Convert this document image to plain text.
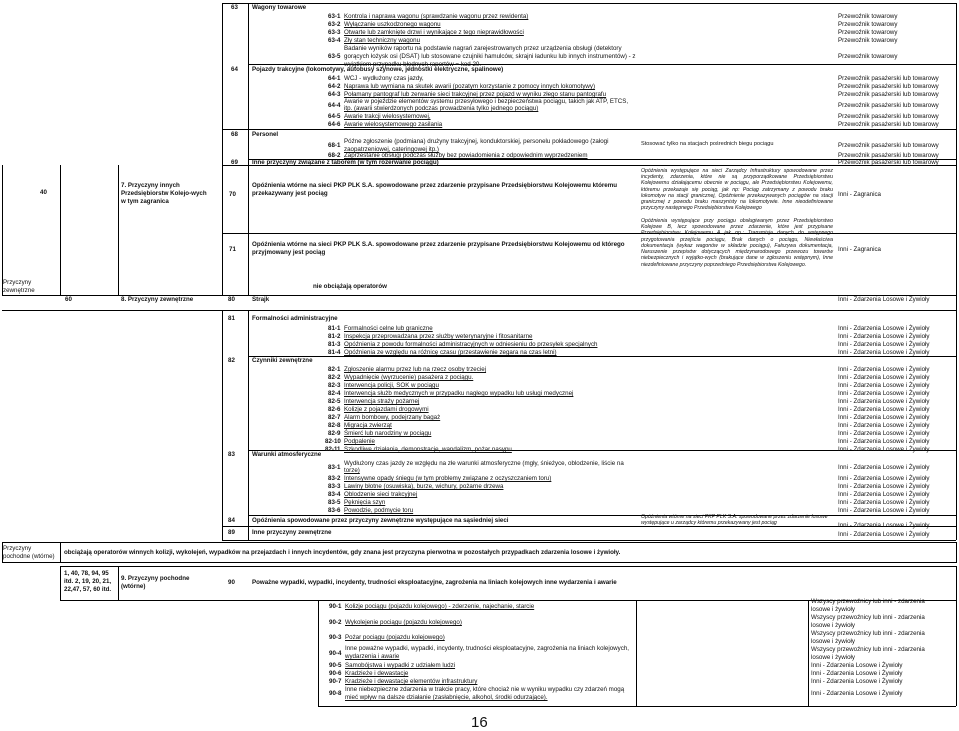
63 Wagony towarowe
63-1 Kontrola i naprawa wagonu (sprawdzanie wagonu przez rewidenta)	Przewoźnik towarowy
63-2 Wyłączanie uszkodzonego wagonu	Przewoźnik towarowy
63-3 Otwarte lub zamknięte drzwi i wynikające z tego nieprawidłowości	Przewoźnik towarowy
63-4 Zły stan techniczny wagonu	Przewoźnik towarowy
Badanie wyników raportu na podstawie nagrań zarejestrowanych przez urządzenia obsługi (detektory
63-5 gorących łożysk osi (DSAT) lub stosowane czujniki hamulców, skrajni ładunku lub innych instrumentów) - z
wyjątkiem przypadku błędnych raportów = kod 20.
Przewoźnik towarowy
64 Pojazdy trakcyjne (lokomotywy, autobusy szynowe, jednostki elektryczne, spalinowe)
64-1 WCJ - wydłużony czas jazdy,	Przewoźnik pasażerski lub towarowy
64-2 Naprawa lub wymiana na skutek awarii (pozatym korzystanie z pomocy innych lokomotywy)	Przewoźnik pasażerski lub towarowy
64-3 Połamany pantograf lub zerwanie sieci trakcyjnej przez pojazd w wyniku złego stanu pantografu	Przewoźnik pasażerski lub towarowy
Awarie w pojeździe elementów systemu przesyłowego i bezpieczeństwa pociągu, takich jak ATP, ETCS,
64-4 itp. (awarii stwierdzonych podczas prowadzenia tylko jednego pociągu)	Przewoźnik pasażerski lub towarowy
64-5 Awarie trakcji wielosystemowej,	Przewoźnik pasażerski lub towarowy
64-6 Awarie wielosystemowego zasilania	Przewoźnik pasażerski lub towarowy
68 Personel
Późne zgłoszenie (podmiana) drużyny trakcyjnej, konduktorskiej, personelu pokładowego (załogi
68-1
zaopatrzeniowej, cateringowej itp.)
Stosować tylko na stacjach pośrednich biegu pociągu	Przewoźnik pasażerski lub towarowy
68-2 Zaprzestanie obsługi podczas służby bez powiadomienia z odpowiednim wyprzedzeniem	Przewoźnik pasażerski lub towarowy
69 Inne przyczyny związane z taborem (w tym rozerwanie pociągu)	Przewoźnik pasażerski lub towarowy
40
7. Przyczyny innych
Przedsiębiorstw Kolejo-wych
w tym zagranica
70
Opóźnienia wtórne na sieci PKP PLK S.A. spowodowane przez zdarzenie przypisane Przedsiębiorstwu Kolejowemu któremu
przekazywany jest pociąg
Opóźnienia występujące na sieci Zarządcy Infrastruktury spowodowane przez incydenty, zdarzenia, które nie są przyporządkowane Przedsiębiorstwu Kolejowemu działającemu obecnie w pociągu, ale Przedsiębiorstwu Kolejowemu, któremu przekazuje się pociąg, jak np: Pociąg zatrzymany z powodu braku lokomotyw na stacji granicznej, Opóźnienie przekazywanych pociągów na stacji granicznej z powodu braku maszynisty na lokomotywie. Inne nieodefiniowane przyczyny następnego Przedsiębiorstwa Kolejowego
Inni - Zagranica
71
Opóźnienia wtórne na sieci PKP PLK S.A. spowodowane przez zdarzenie przypisane Przedsiębiorstwu Kolejowemu od którego
przyjmowany jest pociąg
Opóźnienia występujące przy pociągu obsługiwanym przez Przedsiębiorstwo Kolejowe B, lecz spowodowane przez zdarzenie, które jest przypisane Przedsiębiorstwu Kolejowemu A jak np.: Transmisja danych do wstępnego przygotowania przejścia pociągu, Brak danych o pociągu, Niewłaściwa dokumentacja (wykaz wagonów w składzie pociągu), Fałszywa dokumentacja, Naruszenie przepisów dotyczących międzynarodowego przewozu towarów niebezpiecznych i wyjątko-wych (brakujące dane w zgłoszeniu wstępnym), Inne niezdefiniowane przyczyny poprzedniego Przedsiębiorstwa Kolejowego.
Inni - Zagranica
Przyczyny
zewnętrzne
nie obciążają operatorów
60	8. Przyczyny zewnętrzne	80	Strajk	Inni - Zdarzenia Losowe i Żywioły
81	Formalności administracyjne
81-1 Formalności celne lub graniczne	Inni - Zdarzenia Losowe i Żywioły
81-2 Inspekcja przeprowadzana przez służby weterynaryjne i fitosanitarne	Inni - Zdarzenia Losowe i Żywioły
81-3 Opóźnienia z powodu formalności administracyjnych w odniesieniu do przesyłek specjalnych	Inni - Zdarzenia Losowe i Żywioły
81-4 Opóźnienia ze względu na różnicę czasu (przestawienie zegara na czas letni)	Inni - Zdarzenia Losowe i Żywioły
82	Czynniki zewnętrzne
82-1 Zgłoszenie alarmu przez lub na rzecz osoby trzeciej	Inni - Zdarzenia Losowe i Żywioły
82-2 Wypadnięcie (wyrzucenie) pasażera z pociągu.	Inni - Zdarzenia Losowe i Żywioły
82-3 Interwencja policji, SOK w pociągu	Inni - Zdarzenia Losowe i Żywioły
82-4 Interwencja służb medycznych w przypadku nagłego wypadku lub usługi medycznej	Inni - Zdarzenia Losowe i Żywioły
82-5 Interwencja straży pożarnej	Inni - Zdarzenia Losowe i Żywioły
82-6 Kolizje z pojazdami drogowymi	Inni - Zdarzenia Losowe i Żywioły
82-7 Alarm bombowy, podejrzany bagaż	Inni - Zdarzenia Losowe i Żywioły
82-8 Migracja zwierząt	Inni - Zdarzenia Losowe i Żywioły
82-9 Śmierć lub narodziny w pociągu	Inni - Zdarzenia Losowe i Żywioły
82-10 Podpalenie	Inni - Zdarzenia Losowe i Żywioły
82-11 Szkodliwe działania, demonstracje, wandalizm, pożar nasypu	Inni - Zdarzenia Losowe i Żywioły
83	Warunki atmosferyczne
Wydłużony czas jazdy ze względu na złe warunki atmosferyczne (mgły, śnieżyce, oblodzenie, liście na
83-1 torze)	Inni - Zdarzenia Losowe i Żywioły
83-2 Intensywne opady śniegu (w tym problemy związane z oczyszczaniem toru)	Inni - Zdarzenia Losowe i Żywioły
83-3 Lawiny błotne (osuwiska), burze, wichury, pożarne drzewa	Inni - Zdarzenia Losowe i Żywioły
83-4 Oblodzenie sieci trakcyjnej	Inni - Zdarzenia Losowe i Żywioły
83-5 Pęknięcia szyn	Inni - Zdarzenia Losowe i Żywioły
83-6 Powodzie, podmycie toru	Inni - Zdarzenia Losowe i Żywioły
84	Opóźnienia spowodowane przez przyczyny zewnętrzne występujące na sąsiedniej sieci	Opóźnienia wtórne na sieci PKP PLK S.A. spowodowane przez zdarzenie losowe występujące u zarządcy któremu przekazywany jest pociąg	Inni - Zdarzenia Losowe i Żywioły
89	Inne przyczyny zewnętrzne	Inni - Zdarzenia Losowe i Żywioły
Przyczyny
pochodne (wtórne)
obciążają operatorów winnych kolizji, wykolejeń, wypadków na przejazdach i innych incydentów, gdy znana jest przyczyna pierwotna w pozostałych przypadkach zdarzenia losowe i żywioły.
1, 40, 78, 94, 95
itd. 2, 19, 20, 21,
22,47, 57, 60 itd.
9. Przyczyny pochodne
(wtórne)
90	Poważne wypadki, wypadki, incydenty, trudności eksploatacyjne, zagrożenia na liniach kolejowych inne wydarzenia i awarie
90-1 Kolizje pociągu (pojazdu kolejowego) - zderzenie, najechanie, starcie
Wszyscy przewoźnicy lub inni - zdarzenia
losowe i żywioły
90-2 Wykolejenie pociągu (pojazdu kolejowego)
Wszyscy przewoźnicy lub inni - zdarzenia
losowe i żywioły
90-3 Pożar pociągu (pojazdu kolejowego)
Wszyscy przewoźnicy lub inni - zdarzenia
losowe i żywioły
Inne poważne wypadki, wypadki, incydenty, trudności eksploatacyjne, zagrożenia na liniach kolejowych,
90-4 wydarzenia i awarie
Wszyscy przewoźnicy lub inni - zdarzenia
losowe i żywioły
90-5 Samobójstwa i wypadki z udziałem ludzi	Inni - Zdarzenia Losowe i Żywioły
90-6 Kradzieże i dewastacje	Inni - Zdarzenia Losowe i Żywioły
90-7 Kradzieże i dewastacje elementów infrastruktury	Inni - Zdarzenia Losowe i Żywioły
Inne niebezpieczne zdarzenia w trakcie pracy, które chociaż nie w wyniku wypadku czy zdarzeń mogą
90-8
mieć wpływ na dalsze działanie (zasłabnięcie, alkohol, środki odurzające).
Inni - Zdarzenia Losowe i Żywioły
16
